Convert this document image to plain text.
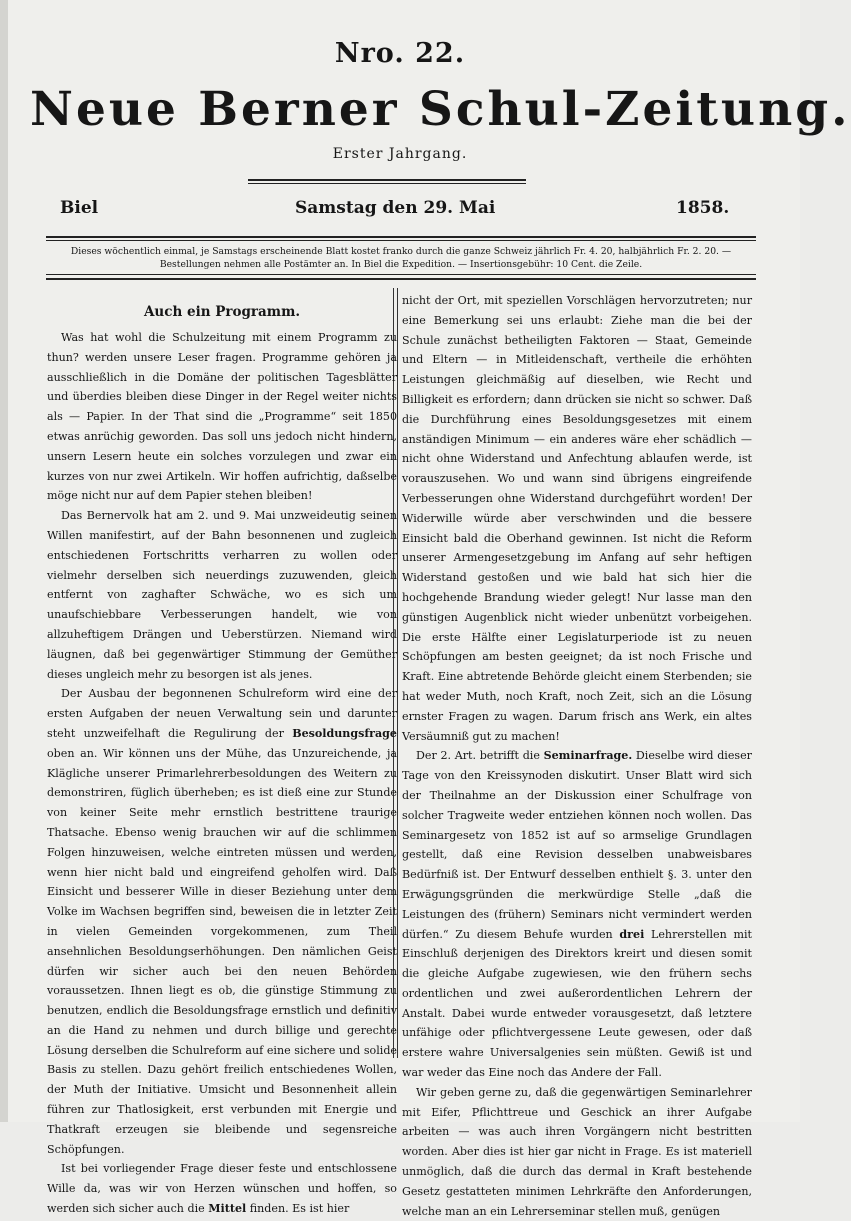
Nro. 22.
Neue Berner Schul-Zeitung.
Erster Jahrgang.
Biel	Samstag den 29. Mai	1858.
Dieses wöchentlich einmal, je Samstags erscheinende Blatt kostet franko durch die ganze Schweiz jährlich Fr. 4. 20, halbjährlich Fr. 2. 20. —
Bestellungen nehmen alle Postämter an. In Biel die Expedition. — Insertionsgebühr: 10 Cent. die Zeile.
Auch ein Programm.

Was hat wohl die Schulzeitung mit einem Programm zu thun? werden unsere Leser fragen. Programme gehören ja ausschließlich in die Domäne der politischen Tagesblätter und überdies bleiben diese Dinger in der Regel weiter nichts als — Papier. In der That sind die „Programme“ seit 1850 etwas anrüchig geworden. Das soll uns jedoch nicht hindern, unsern Lesern heute ein solches vorzulegen und zwar ein kurzes von nur zwei Artikeln. Wir hoffen aufrichtig, daßselbe möge nicht nur auf dem Papier stehen bleiben!

Das Bernervolk hat am 2. und 9. Mai unzweideutig seinen Willen manifestirt, auf der Bahn besonnenen und zugleich entschiedenen Fortschritts verharren zu wollen oder vielmehr derselben sich neuerdings zuzuwenden, gleich entfernt von zaghafter Schwäche, wo es sich um unaufschiebbare Verbesserungen handelt, wie von allzuheftigem Drängen und Ueberstürzen. Niemand wird läugnen, daß bei gegenwärtiger Stimmung der Gemüther dieses ungleich mehr zu besorgen ist als jenes.

Der Ausbau der begonnenen Schulreform wird eine der ersten Aufgaben der neuen Verwaltung sein und darunter steht unzweifelhaft die Regulirung der Besoldungsfrage oben an. Wir können uns der Mühe, das Unzureichende, ja Klägliche unserer Primarlehrerbesoldungen des Weitern zu demonstriren, füglich überheben; es ist dieß eine zur Stunde von keiner Seite mehr ernstlich bestrittene traurige Thatsache. Ebenso wenig brauchen wir auf die schlimmen Folgen hinzuweisen, welche eintreten müssen und werden, wenn hier nicht bald und eingreifend geholfen wird. Daß Einsicht und besserer Wille in dieser Beziehung unter dem Volke im Wachsen begriffen sind, beweisen die in letzter Zeit in vielen Gemeinden vorgekommenen, zum Theil ansehnlichen Besoldungserhöhungen. Den nämlichen Geist dürfen wir sicher auch bei den neuen Behörden voraussetzen. Ihnen liegt es ob, die günstige Stimmung zu benutzen, endlich die Besoldungsfrage ernstlich und definitiv an die Hand zu nehmen und durch billige und gerechte Lösung derselben die Schulreform auf eine sichere und solide Basis zu stellen. Dazu gehört freilich entschiedenes Wollen, der Muth der Initiative. Umsicht und Besonnenheit allein führen zur Thatlosigkeit, erst verbunden mit Energie und Thatkraft erzeugen sie bleibende und segensreiche Schöpfungen.

Ist bei vorliegender Frage dieser feste und entschlossene Wille da, was wir von Herzen wünschen und hoffen, so werden sich sicher auch die Mittel finden. Es ist hier

nicht der Ort, mit speziellen Vorschlägen hervorzutreten; nur eine Bemerkung sei uns erlaubt: Ziehe man die bei der Schule zunächst betheiligten Faktoren — Staat, Gemeinde und Eltern — in Mitleidenschaft, vertheile die erhöhten Leistungen gleichmäßig auf dieselben, wie Recht und Billigkeit es erfordern; dann drücken sie nicht so schwer. Daß die Durchführung eines Besoldungsgesetzes mit einem anständigen Minimum — ein anderes wäre eher schädlich — nicht ohne Widerstand und Anfechtung ablaufen werde, ist vorauszusehen. Wo und wann sind übrigens eingreifende Verbesserungen ohne Widerstand durchgeführt worden! Der Widerwille würde aber verschwinden und die bessere Einsicht bald die Oberhand gewinnen. Ist nicht die Reform unserer Armengesetzgebung im Anfang auf sehr heftigen Widerstand gestoßen und wie bald hat sich hier die hochgehende Brandung wieder gelegt! Nur lasse man den günstigen Augenblick nicht wieder unbenützt vorbeigehen. Die erste Hälfte einer Legislaturperiode ist zu neuen Schöpfungen am besten geeignet; da ist noch Frische und Kraft. Eine abtretende Behörde gleicht einem Sterbenden; sie hat weder Muth, noch Kraft, noch Zeit, sich an die Lösung ernster Fragen zu wagen. Darum frisch ans Werk, ein altes Versäumniß gut zu machen!

Der 2. Art. betrifft die Seminarfrage. Dieselbe wird dieser Tage von den Kreissynoden diskutirt. Unser Blatt wird sich der Theilnahme an der Diskussion einer Schulfrage von solcher Tragweite weder entziehen können noch wollen. Das Seminargesetz von 1852 ist auf so armselige Grundlagen gestellt, daß eine Revision desselben unabweisbares Bedürfniß ist. Der Entwurf desselben enthielt §. 3. unter den Erwägungsgründen die merkwürdige Stelle „daß die Leistungen des (frühern) Seminars nicht vermindert werden dürfen.“ Zu diesem Behufe wurden drei Lehrerstellen mit Einschluß derjenigen des Direktors kreirt und diesen somit die gleiche Aufgabe zugewiesen, wie den frühern sechs ordentlichen und zwei außerordentlichen Lehrern der Anstalt. Dabei wurde entweder vorausgesetzt, daß letztere unfähige oder pflichtvergessene Leute gewesen, oder daß erstere wahre Universalgenies sein müßten. Gewiß ist und war weder das Eine noch das Andere der Fall.

Wir geben gerne zu, daß die gegenwärtigen Seminarlehrer mit Eifer, Pflichttreue und Geschick an ihrer Aufgabe arbeiten — was auch ihren Vorgängern nicht bestritten worden. Aber dies ist hier gar nicht in Frage. Es ist materiell unmöglich, daß die durch das dermal in Kraft bestehende Gesetz gestatteten minimen Lehrkräfte den Anforderungen, welche man an ein Lehrerseminar stellen muß, genügen
